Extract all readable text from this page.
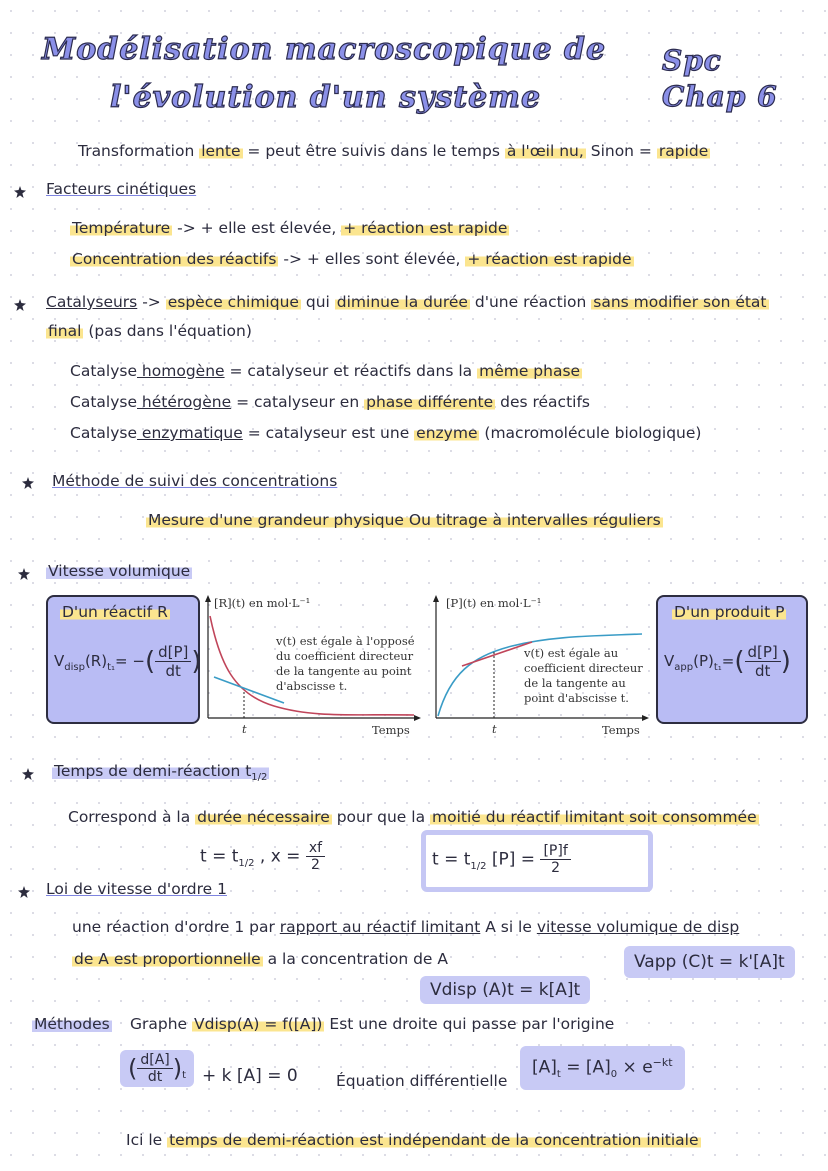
Modélisation macroscopique de
l'évolution d'un système
Spc
Chap 6
Transformation lente = peut être suivis dans le temps à l'œil nu, Sinon = rapide
Facteurs cinétiques
Température -> + elle est élevée, + réaction est rapide
Concentration des réactifs -> + elles sont élevée, + réaction est rapide
Catalyseurs -> espèce chimique qui diminue la durée d'une réaction sans modifier son état
final (pas dans l'équation)
Catalyse homogène = catalyseur et réactifs dans la même phase
Catalyse hétérogène = catalyseur en phase différente des réactifs
Catalyse enzymatique = catalyseur est une enzyme (macromolécule biologique)
Méthode de suivi des concentrations
Mesure d'une grandeur physique Ou titrage à intervalles réguliers
Vitesse volumique
D'un réactif R
$V_{disp}(R)_{t_1}=$ −( $\frac{d[P]}{dt}$ )
[R](t) en mol·L⁻¹
Temps
t
v(t) est égale à l'opposé
du coefficient directeur
de la tangente au point
d'abscisse t.
[P](t) en mol·L⁻¹
Temps
t
v(t) est égale au
coefficient directeur
de la tangente au
point d'abscisse t.
D'un produit P
$V_{app}(P)_{t_1}=( \frac{d[P]}{dt}$ )
Temps de demi-réaction $t_{1/2}$
Correspond à la durée nécessaire pour que la moitié du réactif limitant soit consommée
$t = t_{1/2}$ , $x = \frac{xf}{2}$	$t = t_{1/2}$ $[P] = \frac{[P]f}{2}$
Loi de vitesse d'ordre 1
une réaction d'ordre 1 par rapport au réactif limitant A si le vitesse volumique de disp
de A est proportionnelle a la concentration de A	Vapp (C)t = k'[A]t
Vdisp (A)t = k[A]t
Méthodes Graphe Vdisp(A) = f([A]) Est une droite qui passe par l'origine
( $\frac{d[A]}{dt} )_t + k$ [A] = 0 Équation différentielle
$[A]_t = [A]_0 \times e^{-kt}$
Ici le temps de demi-réaction est indépendant de la concentration initiale
